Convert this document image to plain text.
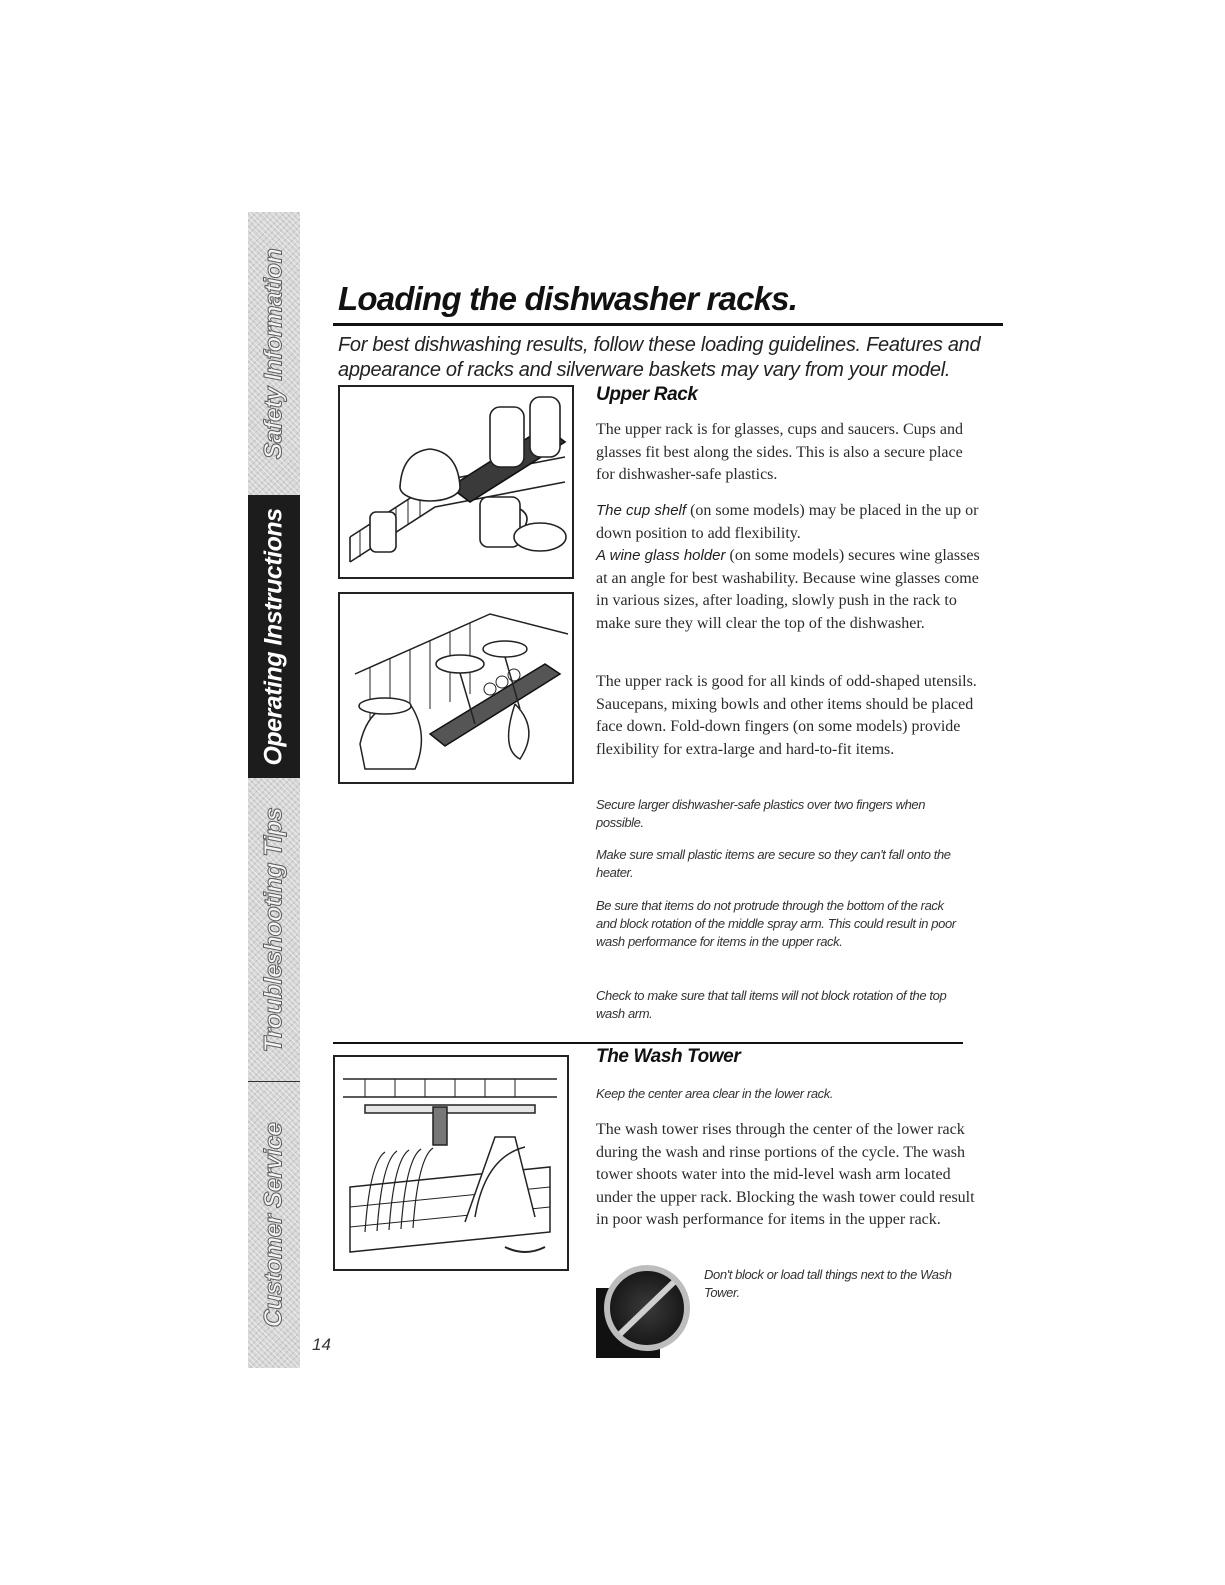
Safety Information
Operating Instructions
Troubleshooting Tips
Customer Service
Loading the dishwasher racks.

For best dishwashing results, follow these loading guidelines. Features and appearance of racks and silverware baskets may vary from your model.

Upper Rack

The upper rack is for glasses, cups and saucers. Cups and glasses fit best along the sides. This is also a secure place for dishwasher-safe plastics.

The cup shelf (on some models) may be placed in the up or down position to add flexibility.

A wine glass holder (on some models) secures wine glasses at an angle for best washability. Because wine glasses come in various sizes, after loading, slowly push in the rack to make sure they will clear the top of the dishwasher.

The upper rack is good for all kinds of odd-shaped utensils. Saucepans, mixing bowls and other items should be placed face down. Fold-down fingers (on some models) provide flexibility for extra-large and hard-to-fit items.

Secure larger dishwasher-safe plastics over two fingers when possible.

Make sure small plastic items are secure so they can't fall onto the heater.

Be sure that items do not protrude through the bottom of the rack and block rotation of the middle spray arm. This could result in poor wash performance for items in the upper rack.

Check to make sure that tall items will not block rotation of the top wash arm.

The Wash Tower

Keep the center area clear in the lower rack.

The wash tower rises through the center of the lower rack during the wash and rinse portions of the cycle. The wash tower shoots water into the mid-level wash arm located under the upper rack. Blocking the wash tower could result in poor wash performance for items in the upper rack.

Don't block or load tall things next to the Wash Tower.

14
